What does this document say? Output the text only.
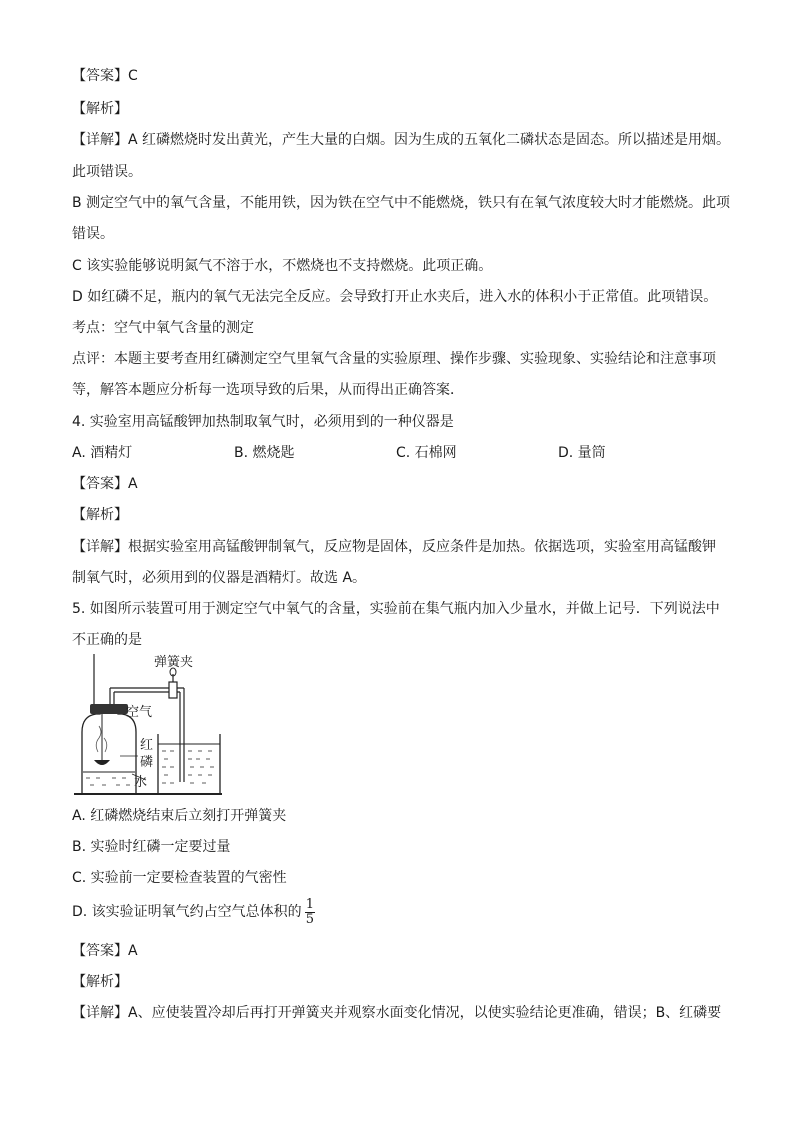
【答案】C
【解析】
【详解】A 红磷燃烧时发出黄光，产生大量的白烟。因为生成的五氧化二磷状态是固态。所以描述是用烟。
此项错误。
B 测定空气中的氧气含量，不能用铁，因为铁在空气中不能燃烧，铁只有在氧气浓度较大时才能燃烧。此项
错误。
C 该实验能够说明氮气不溶于水，不燃烧也不支持燃烧。此项正确。
D 如红磷不足，瓶内的氧气无法完全反应。会导致打开止水夹后，进入水的体积小于正常值。此项错误。
考点：空气中氧气含量的测定
点评：本题主要考查用红磷测定空气里氧气含量的实验原理、操作步骤、实验现象、实验结论和注意事项
等，解答本题应分析每一选项导致的后果，从而得出正确答案．
4. 实验室用高锰酸钾加热制取氧气时，必须用到的一种仪器是
A. 酒精灯	B. 燃烧匙	C. 石棉网	D. 量筒
【答案】A
【解析】
【详解】根据实验室用高锰酸钾制氧气，反应物是固体，反应条件是加热。依据选项，实验室用高锰酸钾
制氧气时，必须用到的仪器是酒精灯。故选 A。
5. 如图所示装置可用于测定空气中氧气的含量，实验前在集气瓶内加入少量水，并做上记号．下列说法中
不正确的是
弹簧夹
空气
红
磷
水
A. 红磷燃烧结束后立刻打开弹簧夹
B. 实验时红磷一定要过量
C. 实验前一定要检查装置的气密性
D. 该实验证明氧气约占空气总体积的 $\frac{1}{5}$
【答案】A
【解析】
【详解】A、应使装置冷却后再打开弹簧夹并观察水面变化情况，以使实验结论更准确，错误；B、红磷要
